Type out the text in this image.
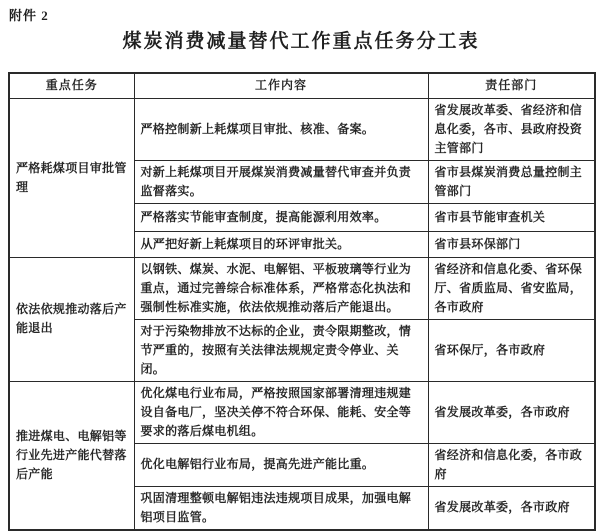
附件 2
煤炭消费减量替代工作重点任务分工表
重点任务	工作内容	责任部门
严格耗煤项目审批管理	严格控制新上耗煤项目审批、核准、备案。	省发展改革委、省经济和信息化委，各市、县政府投资主管部门
	对新上耗煤项目开展煤炭消费减量替代审查并负责监督落实。	省市县煤炭消费总量控制主管部门
	严格落实节能审查制度，提高能源利用效率。	省市县节能审查机关
	从严把好新上耗煤项目的环评审批关。	省市县环保部门
依法依规推动落后产能退出	以钢铁、煤炭、水泥、电解铝、平板玻璃等行业为重点，通过完善综合标准体系，严格常态化执法和强制性标准实施，依法依规推动落后产能退出。	省经济和信息化委、省环保厅、省质监局、省安监局，各市政府
	对于污染物排放不达标的企业，责令限期整改，情节严重的，按照有关法律法规规定责令停业、关闭。	省环保厅，各市政府
推进煤电、电解铝等行业先进产能代替落后产能	优化煤电行业布局，严格按照国家部署清理违规建设自备电厂，坚决关停不符合环保、能耗、安全等要求的落后煤电机组。	省发展改革委，各市政府
	优化电解铝行业布局，提高先进产能比重。	省经济和信息化委，各市政府
	巩固清理整顿电解铝违法违规项目成果，加强电解铝项目监管。	省发展改革委，各市政府
